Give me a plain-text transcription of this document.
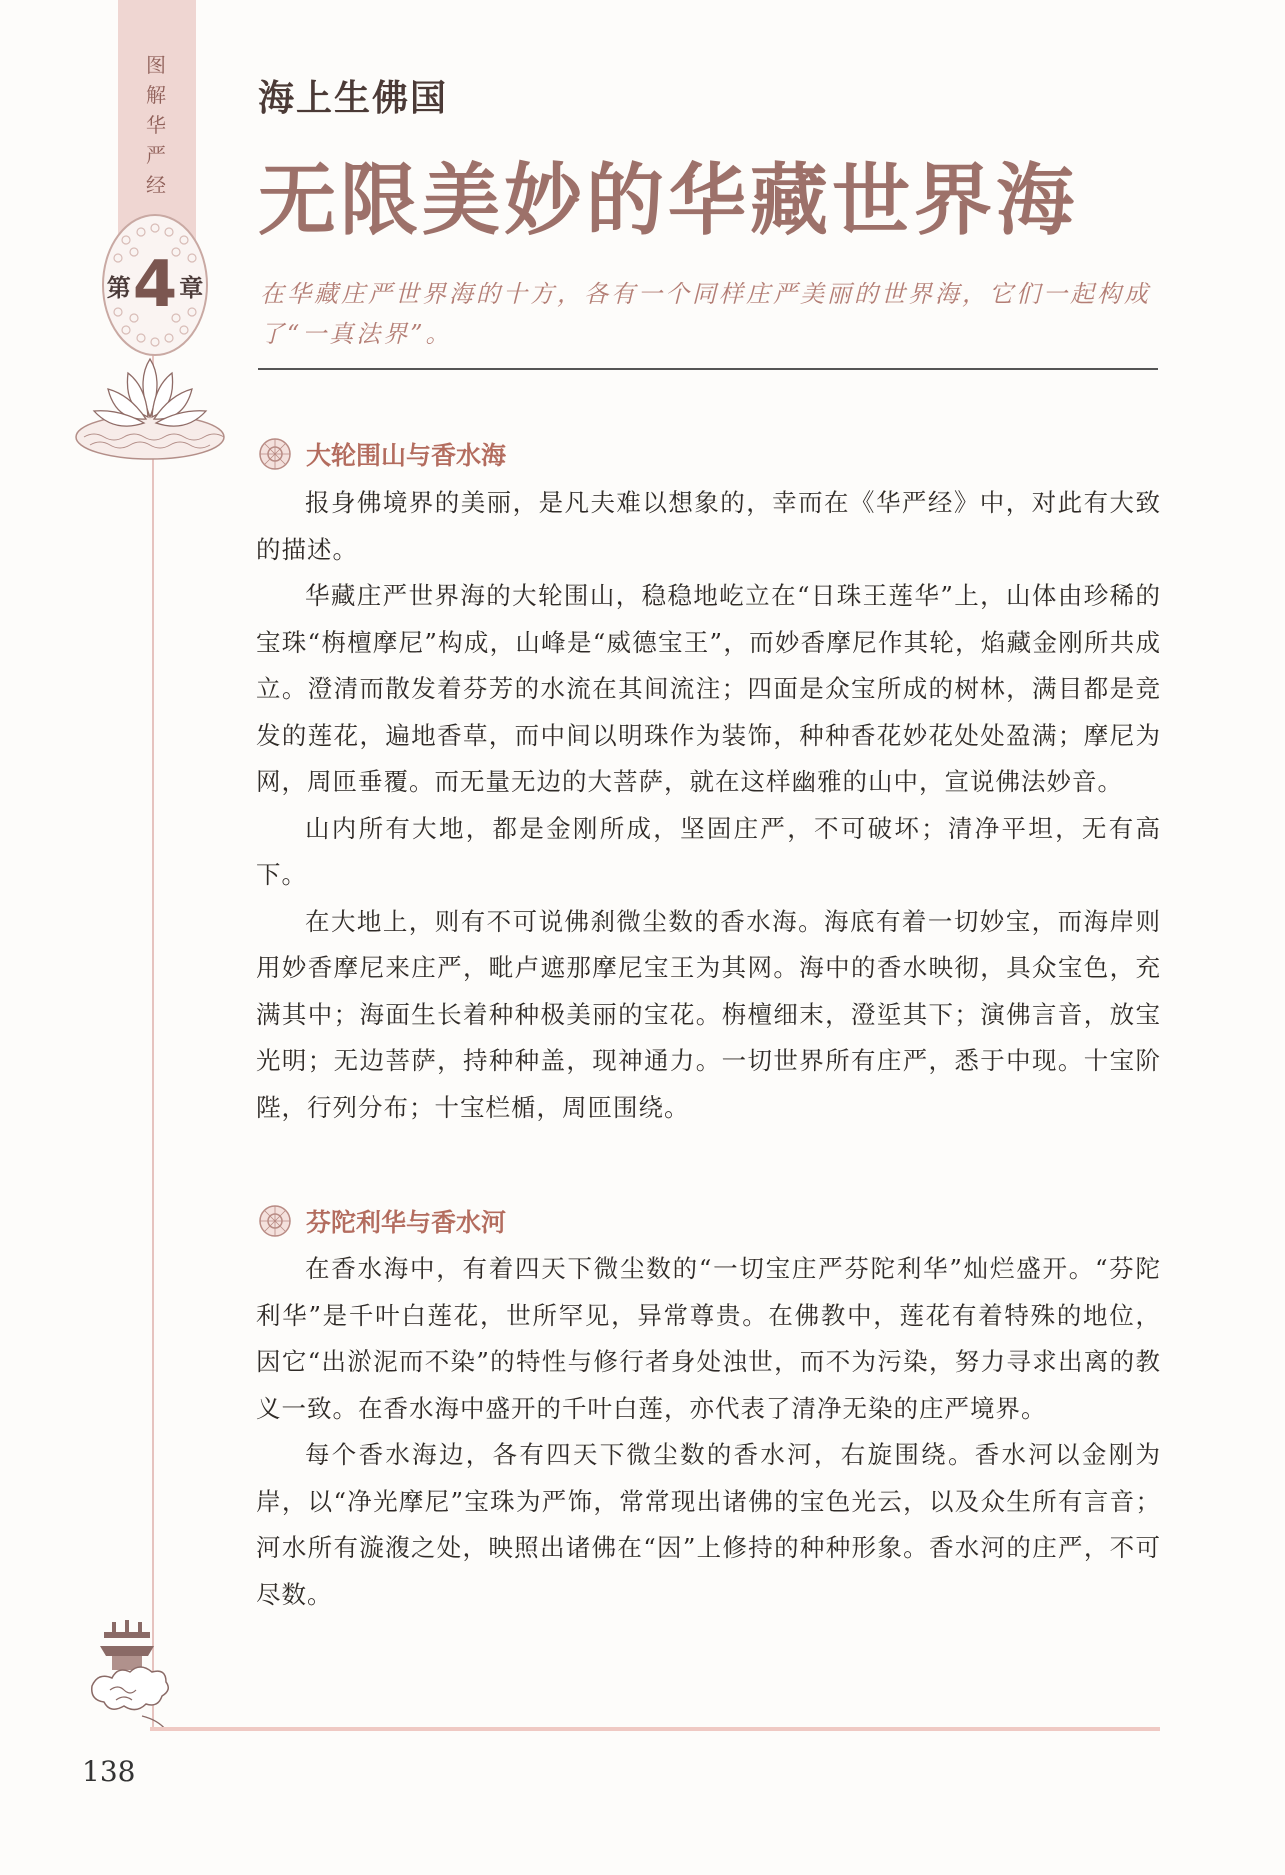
图
解
华
严
经
第 4 章
海上生佛国
无限美妙的华藏世界海
在华藏庄严世界海的十方，各有一个同样庄严美丽的世界海，它们一起构成了“一真法界”。
大轮围山与香水海

报身佛境界的美丽，是凡夫难以想象的，幸而在《华严经》中，对此有大致的描述。

华藏庄严世界海的大轮围山，稳稳地屹立在“日珠王莲华”上，山体由珍稀的宝珠“栴檀摩尼”构成，山峰是“威德宝王”，而妙香摩尼作其轮，焰藏金刚所共成立。澄清而散发着芬芳的水流在其间流注；四面是众宝所成的树林，满目都是竞发的莲花，遍地香草，而中间以明珠作为装饰，种种香花妙花处处盈满；摩尼为网，周匝垂覆。而无量无边的大菩萨，就在这样幽雅的山中，宣说佛法妙音。

山内所有大地，都是金刚所成，坚固庄严，不可破坏；清净平坦，无有高下。

在大地上，则有不可说佛刹微尘数的香水海。海底有着一切妙宝，而海岸则用妙香摩尼来庄严，毗卢遮那摩尼宝王为其网。海中的香水映彻，具众宝色，充满其中；海面生长着种种极美丽的宝花。栴檀细末，澄垽其下；演佛言音，放宝光明；无边菩萨，持种种盖，现神通力。一切世界所有庄严，悉于中现。十宝阶陛，行列分布；十宝栏楯，周匝围绕。

芬陀利华与香水河

在香水海中，有着四天下微尘数的“一切宝庄严芬陀利华”灿烂盛开。“芬陀利华”是千叶白莲花，世所罕见，异常尊贵。在佛教中，莲花有着特殊的地位，因它“出淤泥而不染”的特性与修行者身处浊世，而不为污染，努力寻求出离的教义一致。在香水海中盛开的千叶白莲，亦代表了清净无染的庄严境界。

每个香水海边，各有四天下微尘数的香水河，右旋围绕。香水河以金刚为岸，以“净光摩尼”宝珠为严饰，常常现出诸佛的宝色光云，以及众生所有言音；河水所有漩澓之处，映照出诸佛在“因”上修持的种种形象。香水河的庄严，不可尽数。

138
